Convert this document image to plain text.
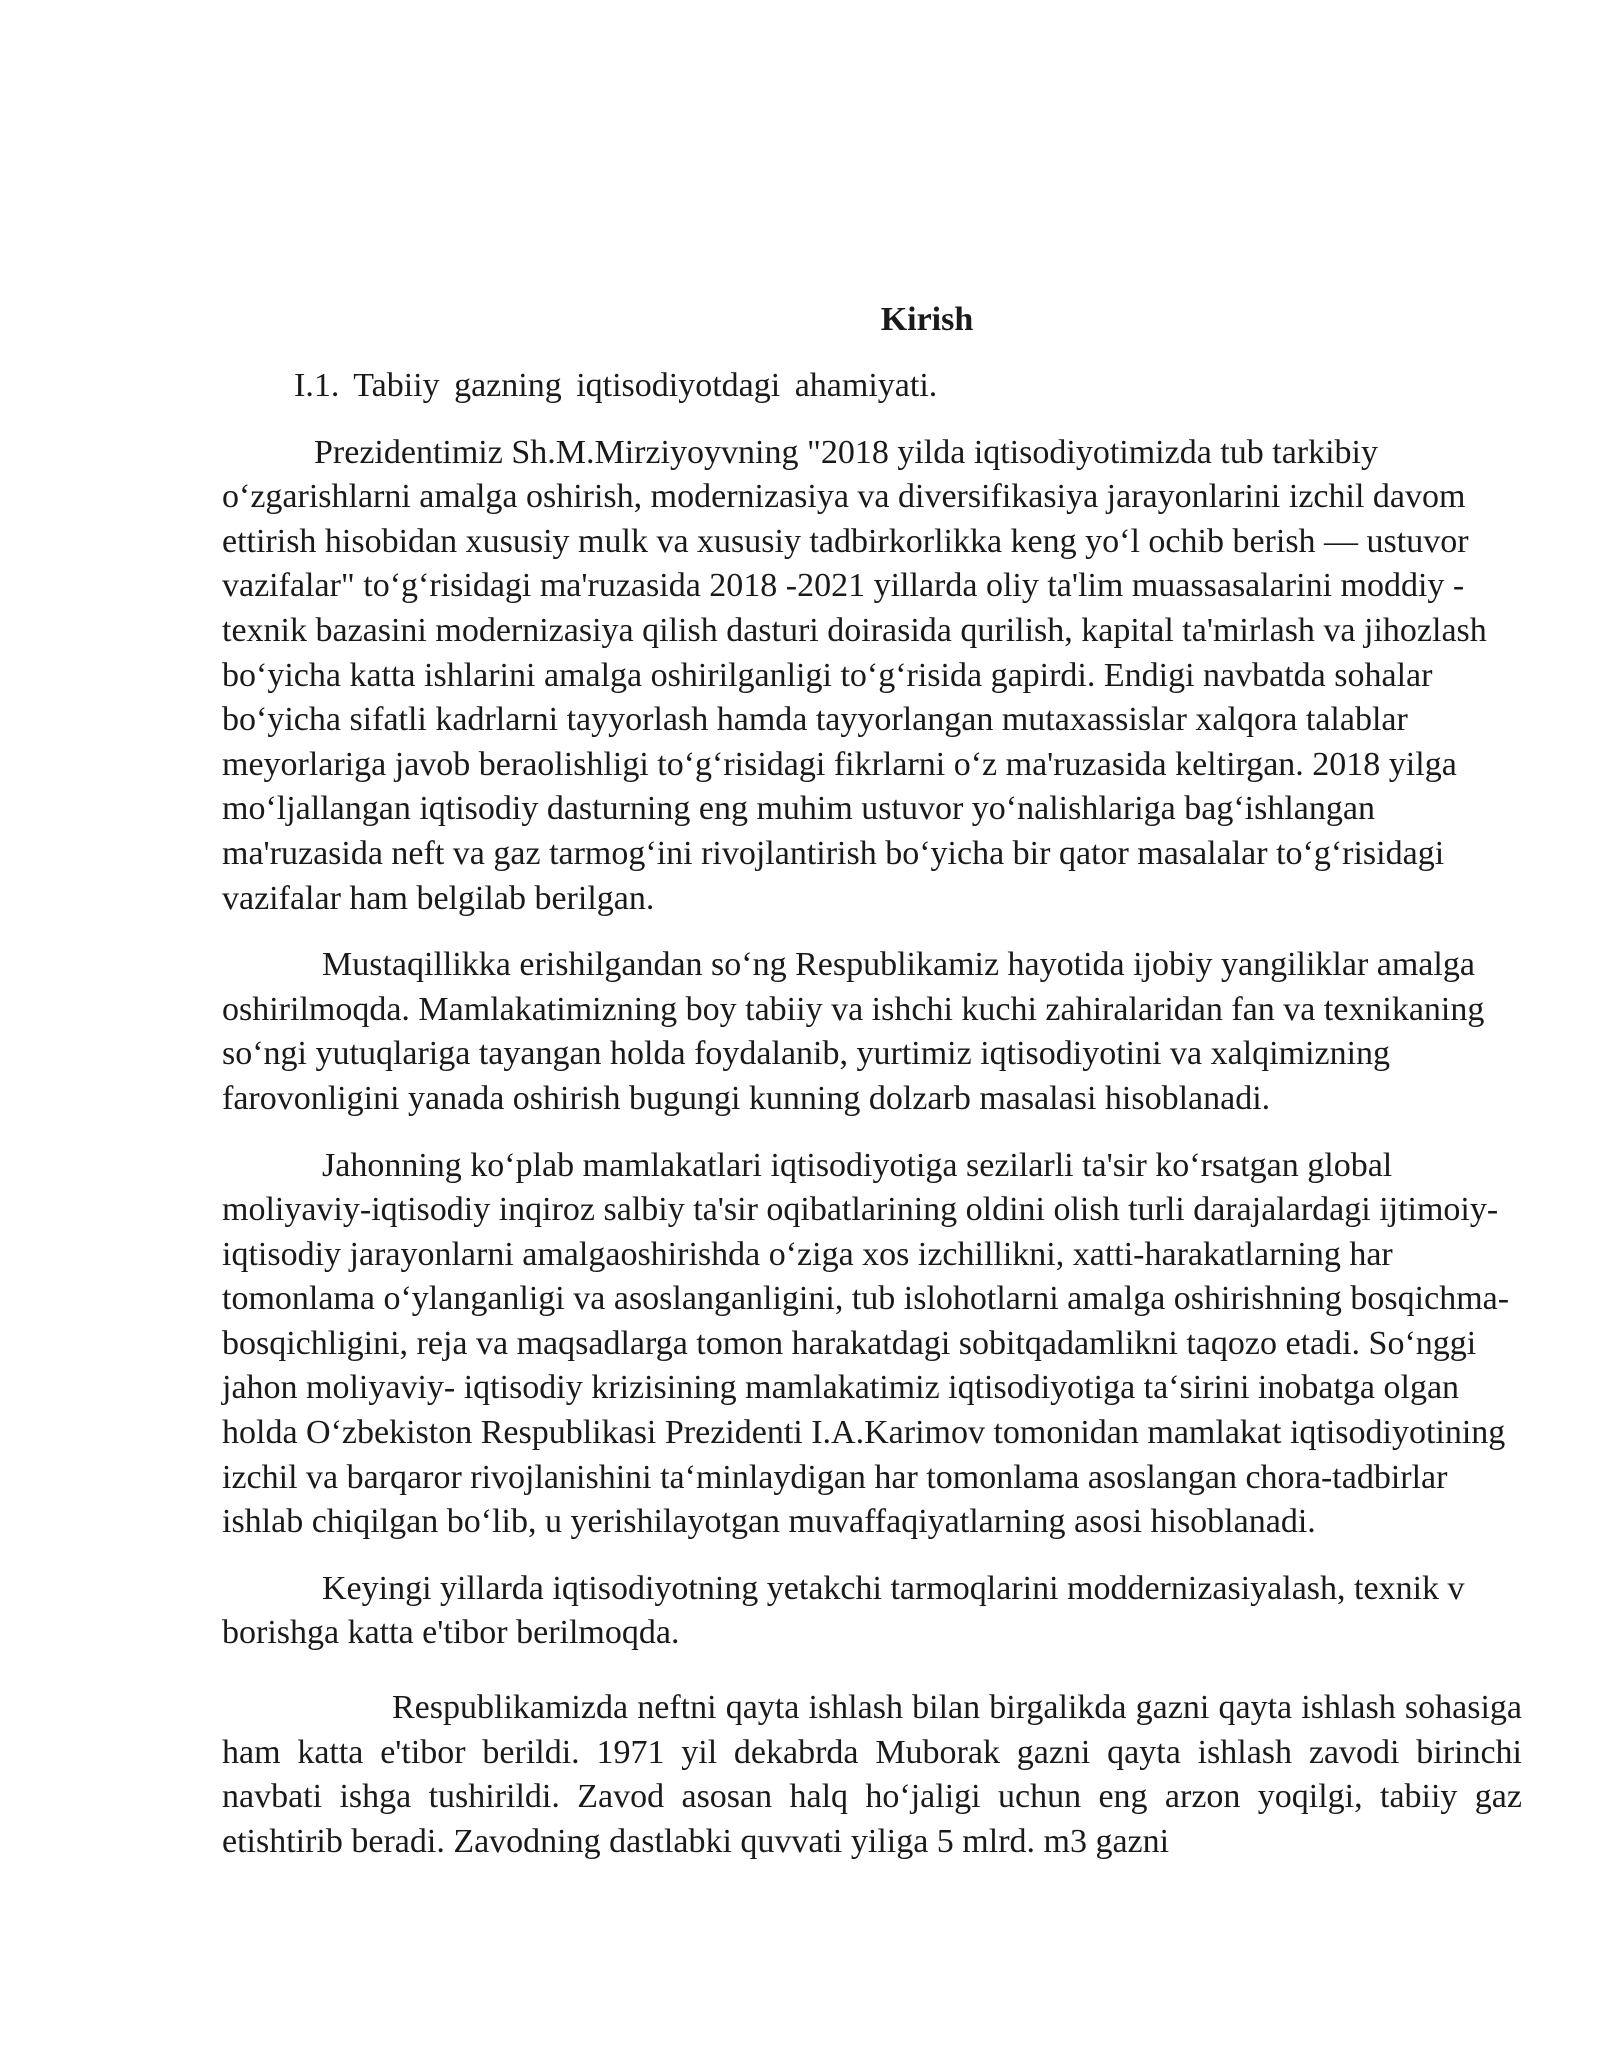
Kirish
I.1. Tabiiy gazning iqtisodiyotdagi ahamiyati.

Prezidentimiz Sh.M.Mirziyoyvning "2018 yilda iqtisodiyotimizda tub tarkibiy o‘zgarishlarni amalga oshirish, modernizasiya va diversifikasiya jarayonlarini izchil davom ettirish hisobidan xususiy mulk va xususiy tadbirkorlikka keng yo‘l ochib berish — ustuvor vazifalar" to‘g‘risidagi ma'ruzasida 2018 -2021 yillarda oliy ta'lim muassasalarini moddiy - texnik bazasini modernizasiya qilish dasturi doirasida qurilish, kapital ta'mirlash va jihozlash bo‘yicha katta ishlarini amalga oshirilganligi to‘g‘risida gapirdi. Endigi navbatda sohalar bo‘yicha sifatli kadrlarni tayyorlash hamda tayyorlangan mutaxassislar xalqora talablar meyorlariga javob beraolishligi to‘g‘risidagi fikrlarni o‘z ma'ruzasida keltirgan. 2018 yilga mo‘ljallangan iqtisodiy dasturning eng muhim ustuvor yo‘nalishlariga bag‘ishlangan ma'ruzasida neft va gaz tarmog‘ini rivojlantirish bo‘yicha bir qator masalalar to‘g‘risidagi vazifalar ham belgilab berilgan.

Mustaqillikka erishilgandan so‘ng Respublikamiz hayotida ijobiy yangiliklar amalga oshirilmoqda. Mamlakatimizning boy tabiiy va ishchi kuchi zahiralaridan fan va texnikaning so‘ngi yutuqlariga tayangan holda foydalanib, yurtimiz iqtisodiyotini va xalqimizning farovonligini yanada oshirish bugungi kunning dolzarb masalasi hisoblanadi.

Jahonning ko‘plab mamlakatlari iqtisodiyotiga sezilarli ta'sir ko‘rsatgan global moliyaviy-iqtisodiy inqiroz salbiy ta'sir oqibatlarining oldini olish turli darajalardagi ijtimoiy-iqtisodiy jarayonlarni amalgaoshirishda o‘ziga xos izchillikni, xatti-harakatlarning har tomonlama o‘ylanganligi va asoslanganligini, tub islohotlarni amalga oshirishning bosqichma-bosqichligini, reja va maqsadlarga tomon harakatdagi sobitqadamlikni taqozo etadi. So‘nggi jahon moliyaviy- iqtisodiy krizisining mamlakatimiz iqtisodiyotiga ta‘sirini inobatga olgan holda O‘zbekiston Respublikasi Prezidenti I.A.Karimov tomonidan mamlakat iqtisodiyotining izchil va barqaror rivojlanishini ta‘minlaydigan har tomonlama asoslangan chora-tadbirlar ishlab chiqilgan bo‘lib, u yerishilayotgan muvaffaqiyatlarning asosi hisoblanadi.

Keyingi yillarda iqtisodiyotning yetakchi tarmoqlarini moddernizasiyalash, texnik v borishga katta e'tibor berilmoqda.

Respublikamizda neftni qayta ishlash bilan birgalikda gazni qayta ishlash sohasiga ham katta e'tibor berildi. 1971 yil dekabrda Muborak gazni qayta ishlash zavodi birinchi navbati ishga tushirildi. Zavod asosan halq ho‘jaligi uchun eng arzon yoqilgi, tabiiy gaz etishtirib beradi. Zavodning dastlabki quvvati yiliga 5 mlrd. m3 gazni
